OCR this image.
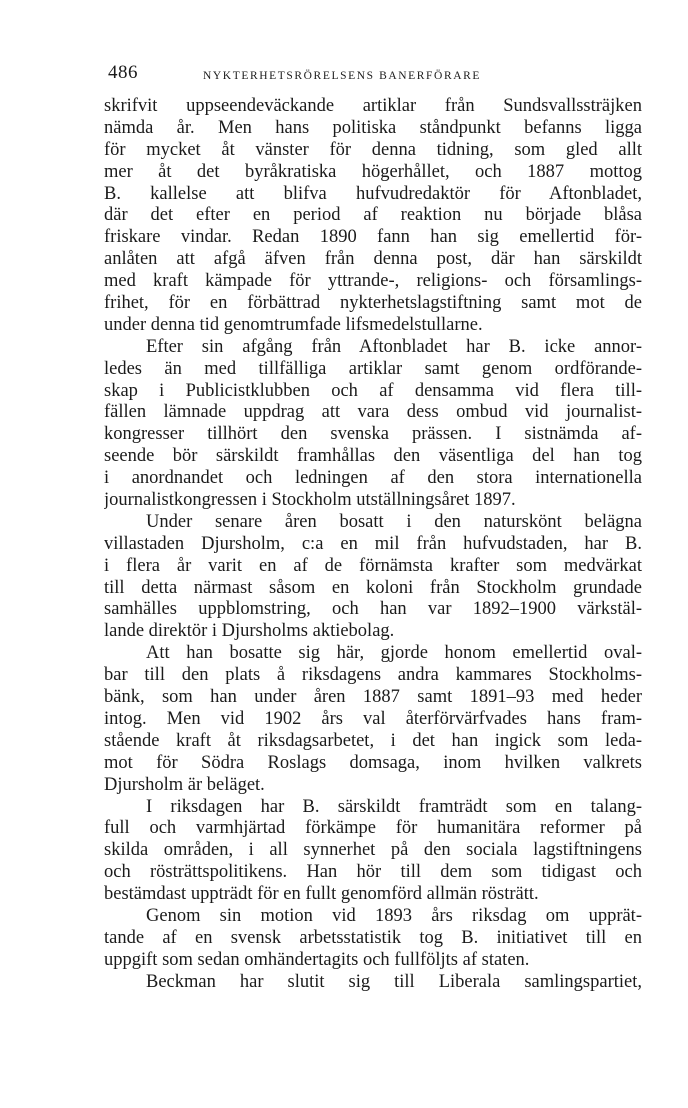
486	NYKTERHETSRÖRELSENS BANERFÖRARE
skrifvit uppseendeväckande artiklar från Sundsvallssträjken
nämda år. Men hans politiska ståndpunkt befanns ligga
för mycket åt vänster för denna tidning, som gled allt
mer åt det byråkratiska högerhållet, och 1887 mottog
B. kallelse att blifva hufvudredaktör för Aftonbladet,
där det efter en period af reaktion nu började blåsa
friskare vindar. Redan 1890 fann han sig emellertid för-
anlåten att afgå äfven från denna post, där han särskildt
med kraft kämpade för yttrande-, religions- och församlings-
frihet, för en förbättrad nykterhetslagstiftning samt mot de
under denna tid genomtrumfade lifsmedelstullarne.
Efter sin afgång från Aftonbladet har B. icke annor-
ledes än med tillfälliga artiklar samt genom ordförande-
skap i Publicistklubben och af densamma vid flera till-
fällen lämnade uppdrag att vara dess ombud vid journalist-
kongresser tillhört den svenska prässen. I sistnämda af-
seende bör särskildt framhållas den väsentliga del han tog
i anordnandet och ledningen af den stora internationella
journalistkongressen i Stockholm utställningsåret 1897.
Under senare åren bosatt i den naturskönt belägna
villastaden Djursholm, c:a en mil från hufvudstaden, har B.
i flera år varit en af de förnämsta krafter som medvärkat
till detta närmast såsom en koloni från Stockholm grundade
samhälles uppblomstring, och han var 1892–1900 värkstäl-
lande direktör i Djursholms aktiebolag.
Att han bosatte sig här, gjorde honom emellertid oval-
bar till den plats å riksdagens andra kammares Stockholms-
bänk, som han under åren 1887 samt 1891–93 med heder
intog. Men vid 1902 års val återförvärfvades hans fram-
stående kraft åt riksdagsarbetet, i det han ingick som leda-
mot för Södra Roslags domsaga, inom hvilken valkrets
Djursholm är beläget.
I riksdagen har B. särskildt framträdt som en talang-
full och varmhjärtad förkämpe för humanitära reformer på
skilda områden, i all synnerhet på den sociala lagstiftningens
och rösträttspolitikens. Han hör till dem som tidigast och
bestämdast uppträdt för en fullt genomförd allmän rösträtt.
Genom sin motion vid 1893 års riksdag om upprät-
tande af en svensk arbetsstatistik tog B. initiativet till en
uppgift som sedan omhändertagits och fullföljts af staten.
Beckman har slutit sig till Liberala samlingspartiet,
